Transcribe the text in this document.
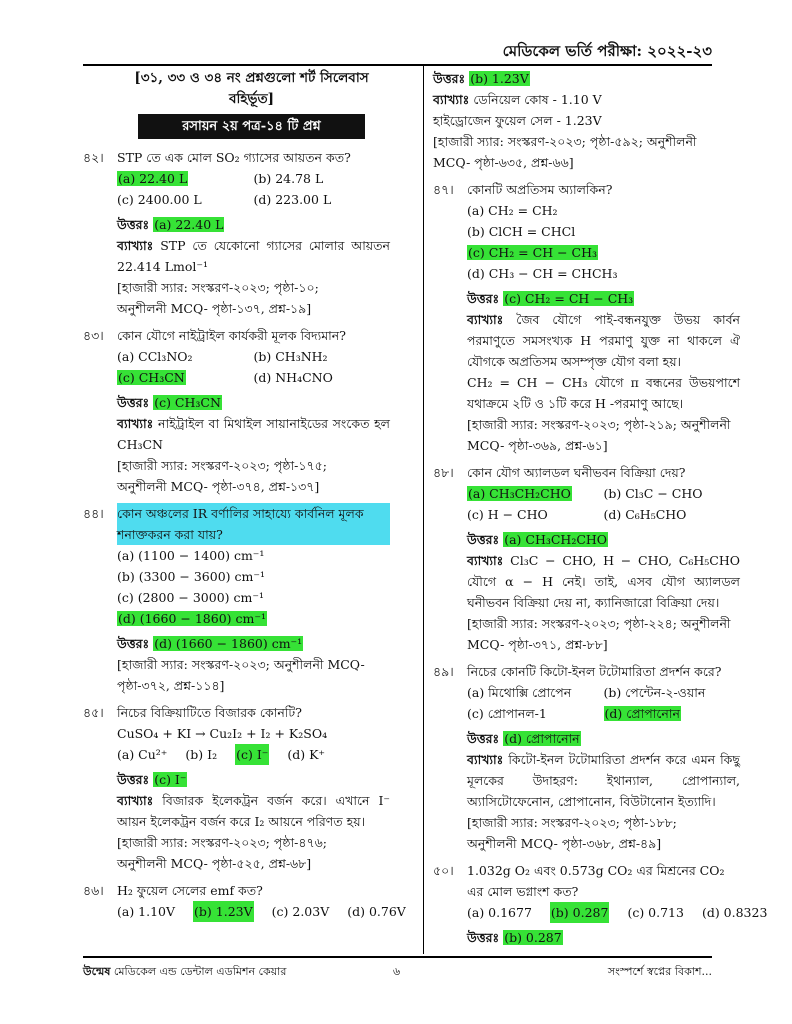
মেডিকেল ভর্তি পরীক্ষা: ২০২২-২৩
[৩১, ৩৩ ও ৩৪ নং প্রশ্নগুলো শর্ট সিলেবাস বহির্ভূত]
রসায়ন ২য় পত্র-১৪ টি প্রশ্ন
৪২।	STP তে এক মোল SO₂ গ্যাসের আয়তন কত?
(a) 22.40 L	(b) 24.78 L
(c) 2400.00 L	(d) 223.00 L
উত্তরঃ (a) 22.40 L
ব্যাখ্যাঃ STP তে যেকোনো গ্যাসের মোলার আয়তন 22.414 Lmol⁻¹
[হাজারী স্যার: সংস্করণ-২০২৩; পৃষ্ঠা-১০;
অনুশীলনী MCQ- পৃষ্ঠা-১৩৭, প্রশ্ন-১৯]
৪৩।	কোন যৌগে নাইট্রাইল কার্যকরী মূলক বিদ্যমান?
(a) CCl₃NO₂	(b) CH₃NH₂
(c) CH₃CN	(d) NH₄CNO
উত্তরঃ (c) CH₃CN
ব্যাখ্যাঃ নাইট্রাইল বা মিথাইল সায়ানাইডের সংকেত হল CH₃CN
[হাজারী স্যার: সংস্করণ-২০২৩; পৃষ্ঠা-১৭৫;
অনুশীলনী MCQ- পৃষ্ঠা-৩৭৪, প্রশ্ন-১৩৭]
৪৪।	কোন অঞ্চলের IR বর্ণালির সাহায্যে কার্বনিল মূলক শনাক্তকরন করা যায়?
(a) (1100 − 1400) cm⁻¹
(b) (3300 − 3600) cm⁻¹
(c) (2800 − 3000) cm⁻¹
(d) (1660 − 1860) cm⁻¹
উত্তরঃ (d) (1660 − 1860) cm⁻¹
[হাজারী স্যার: সংস্করণ-২০২৩; অনুশীলনী MCQ-
পৃষ্ঠা-৩৭২, প্রশ্ন-১১৪]
৪৫।	নিচের বিক্রিয়াটিতে বিজারক কোনটি?
CuSO₄ + KI → Cu₂I₂ + I₂ + K₂SO₄
(a) Cu²⁺ (b) I₂ (c) I⁻ (d) K⁺
উত্তরঃ (c) I⁻
ব্যাখ্যাঃ বিজারক ইলেকট্রন বর্জন করে। এখানে I⁻ আয়ন ইলেকট্রন বর্জন করে I₂ আয়নে পরিণত হয়।
[হাজারী স্যার: সংস্করণ-২০২৩; পৃষ্ঠা-৪৭৬;
অনুশীলনী MCQ- পৃষ্ঠা-৫২৫, প্রশ্ন-৬৮]
৪৬।	H₂ ফুয়েল সেলের emf কত?
(a) 1.10V (b) 1.23V (c) 2.03V (d) 0.76V
উত্তরঃ (b) 1.23V
ব্যাখ্যাঃ ডেনিয়েল কোষ - 1.10 V
হাইড্রোজেন ফুয়েল সেল - 1.23V
[হাজারী স্যার: সংস্করণ-২০২৩; পৃষ্ঠা-৫৯২; অনুশীলনী
MCQ- পৃষ্ঠা-৬৩৫, প্রশ্ন-৬৬]
৪৭।	কোনটি অপ্রতিসম অ্যালকিন?
(a) CH₂ = CH₂
(b) ClCH = CHCl
(c) CH₂ = CH − CH₃
(d) CH₃ − CH = CHCH₃
উত্তরঃ (c) CH₂ = CH − CH₃
ব্যাখ্যাঃ জৈব যৌগে পাই-বন্ধনযুক্ত উভয় কার্বন পরমাণুতে সমসংখ্যক H পরমাণু যুক্ত না থাকলে ঐ যৌগকে অপ্রতিসম অসম্পৃক্ত যৌগ বলা হয়।
CH₂ = CH − CH₃ যৌগে π বন্ধনের উভয়পাশে যথাক্রমে ২টি ও ১টি করে H -পরমাণু আছে।
[হাজারী স্যার: সংস্করণ-২০২৩; পৃষ্ঠা-২১৯; অনুশীলনী
MCQ- পৃষ্ঠা-৩৬৯, প্রশ্ন-৬১]
৪৮।	কোন যৌগ অ্যালডল ঘনীভবন বিক্রিয়া দেয়?
(a) CH₃CH₂CHO	(b) Cl₃C − CHO
(c) H − CHO	(d) C₆H₅CHO
উত্তরঃ (a) CH₃CH₂CHO
ব্যাখ্যাঃ Cl₃C − CHO, H − CHO, C₆H₅CHO যৌগে α − H নেই। তাই, এসব যৌগ অ্যালডল ঘনীভবন বিক্রিয়া দেয় না, ক্যানিজারো বিক্রিয়া দেয়।
[হাজারী স্যার: সংস্করণ-২০২৩; পৃষ্ঠা-২২৪; অনুশীলনী
MCQ- পৃষ্ঠা-৩৭১, প্রশ্ন-৮৮]
৪৯।	নিচের কোনটি কিটো-ইনল টটোমারিতা প্রদর্শন করে?
(a) মিথোক্সি প্রোপেন	(b) পেন্টেন-২-ওয়ান
(c) প্রোপানল-1	(d) প্রোপানোন
উত্তরঃ (d) প্রোপানোন
ব্যাখ্যাঃ কিটো-ইনল টটোমারিতা প্রদর্শন করে এমন কিছু মূলকের উদাহরণ: ইথান্যাল, প্রোপান্যাল, অ্যাসিটোফেনোন, প্রোপানোন, বিউটানোন ইত্যাদি।
[হাজারী স্যার: সংস্করণ-২০২৩; পৃষ্ঠা-১৮৮;
অনুশীলনী MCQ- পৃষ্ঠা-৩৬৮, প্রশ্ন-৪৯]
৫০।	1.032g O₂ এবং 0.573g CO₂ এর মিশ্রনের CO₂ এর মোল ভগ্নাংশ কত?
(a) 0.1677 (b) 0.287 (c) 0.713 (d) 0.8323
উত্তরঃ (b) 0.287
উন্মেষ মেডিকেল এন্ড ডেন্টাল এডমিশন কেয়ার	৬	সংস্পর্শে স্বপ্নের বিকাশ...
